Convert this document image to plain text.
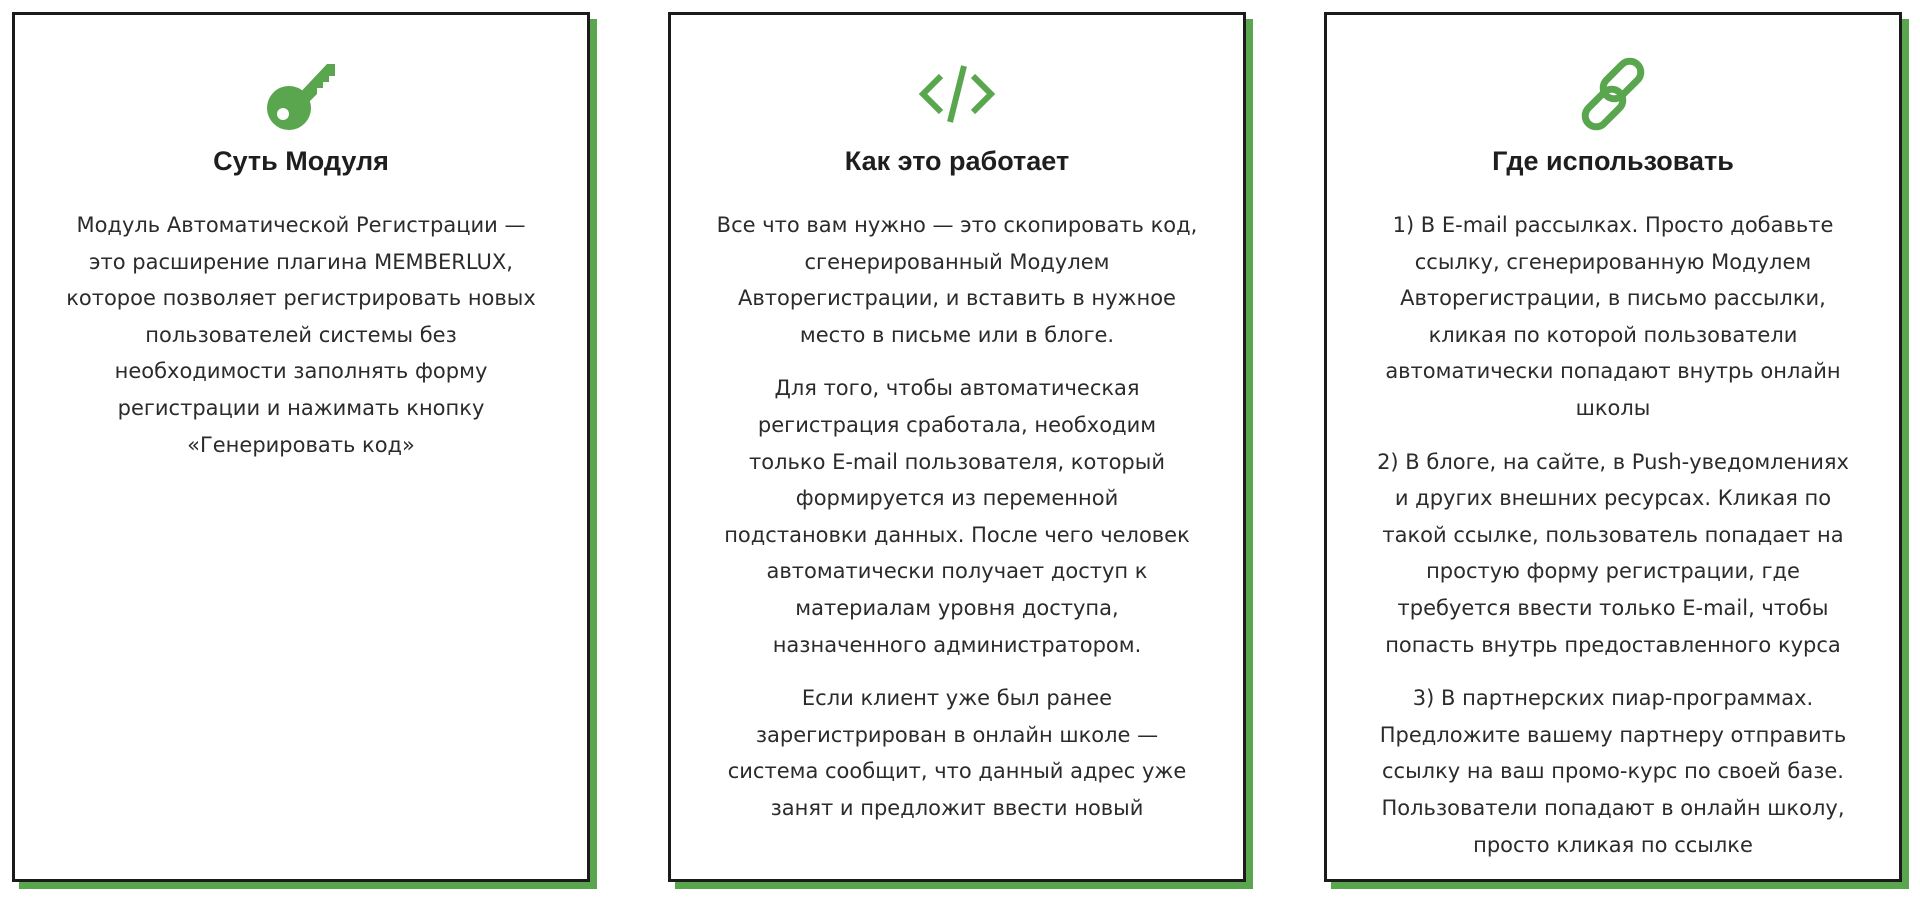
Суть Модуля

Модуль Автоматической Регистрации —
это расширение плагина MEMBERLUX,
которое позволяет регистрировать новых
пользователей системы без
необходимости заполнять форму
регистрации и нажимать кнопку
«Генерировать код»

Как это работает

Все что вам нужно — это скопировать код,
сгенерированный Модулем
Авторегистрации, и вставить в нужное
место в письме или в блоге.

Для того, чтобы автоматическая
регистрация сработала, необходим
только E-mail пользователя, который
формируется из переменной
подстановки данных. После чего человек
автоматически получает доступ к
материалам уровня доступа,
назначенного администратором.

Если клиент уже был ранее
зарегистрирован в онлайн школе —
система сообщит, что данный адрес уже
занят и предложит ввести новый

Где использовать

1) В E-mail рассылках. Просто добавьте
ссылку, сгенерированную Модулем
Авторегистрации, в письмо рассылки,
кликая по которой пользователи
автоматически попадают внутрь онлайн
школы

2) В блоге, на сайте, в Push-уведомлениях
и других внешних ресурсах. Кликая по
такой ссылке, пользователь попадает на
простую форму регистрации, где
требуется ввести только E-mail, чтобы
попасть внутрь предоставленного курса

3) В партнерских пиар-программах.
Предложите вашему партнеру отправить
ссылку на ваш промо-курс по своей базе.
Пользователи попадают в онлайн школу,
просто кликая по ссылке
